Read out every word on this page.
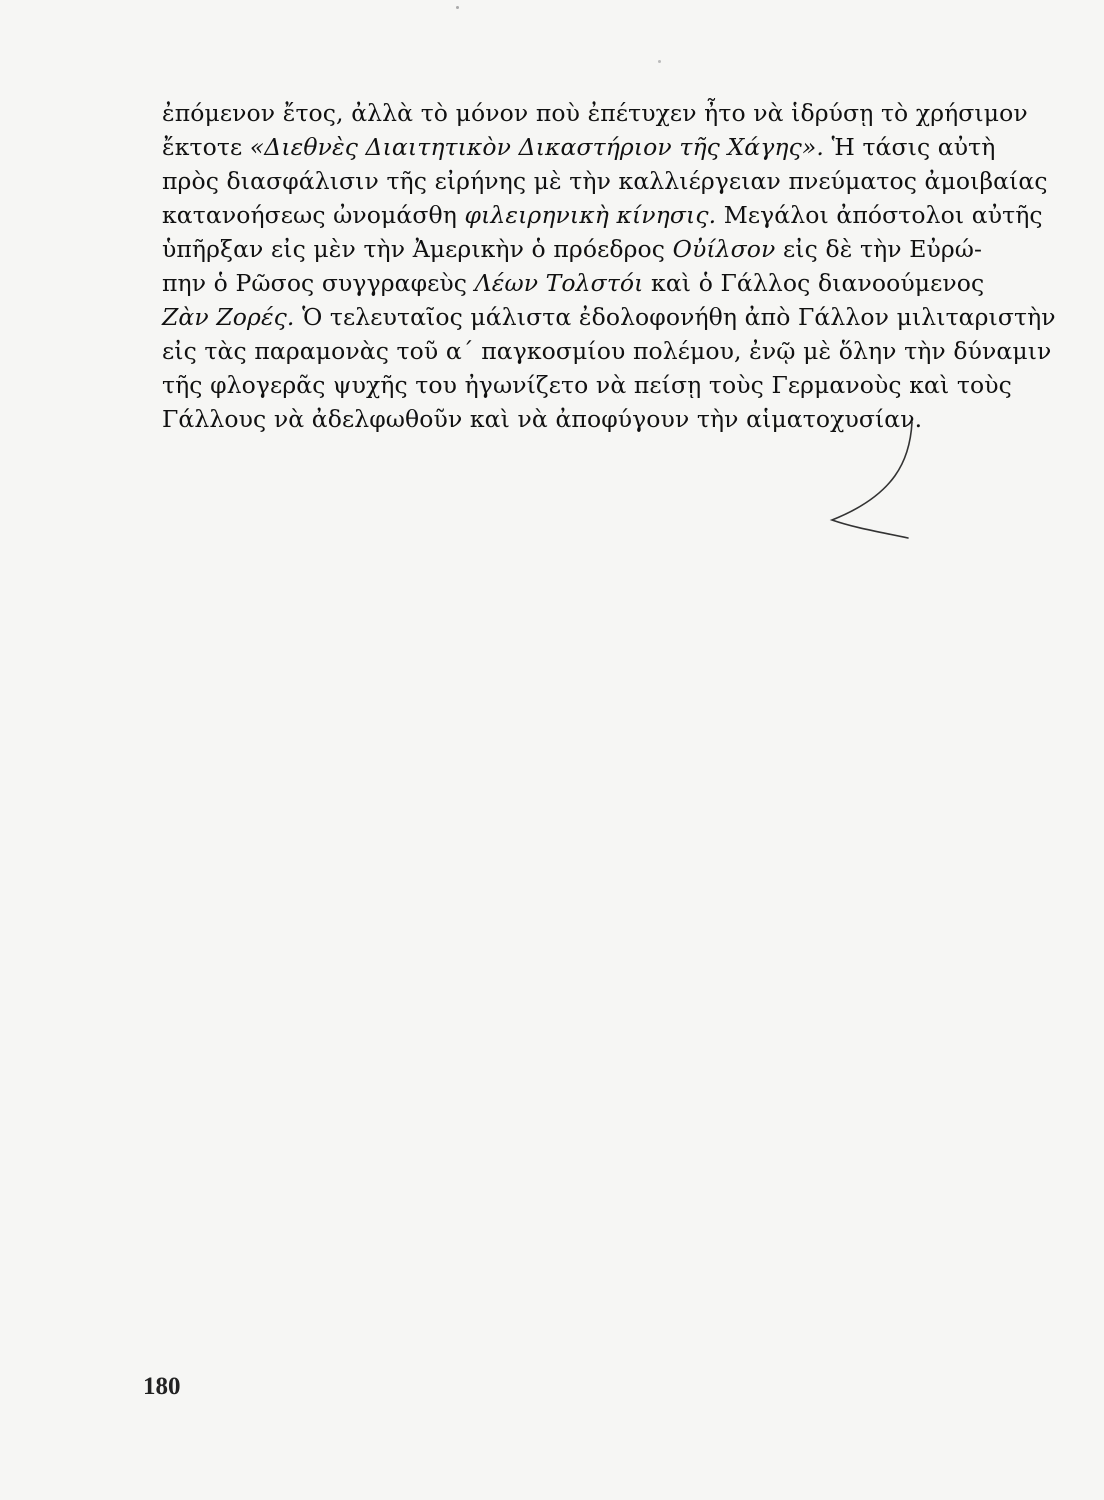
ἐπόμενον ἔτος, ἀλλὰ τὸ μόνον ποὺ ἐπέτυχεν ἦτο νὰ ἱδρύσῃ τὸ χρήσιμον
ἔκτοτε «Διεθνὲς Διαιτητικὸν Δικαστήριον τῆς Χάγης». Ἡ τάσις αὐτὴ
πρὸς διασφάλισιν τῆς εἰρήνης μὲ τὴν καλλιέργειαν πνεύματος ἀμοιβαίας
κατανοήσεως ὠνομάσθη φιλειρηνικὴ κίνησις. Μεγάλοι ἀπόστολοι αὐτῆς
ὑπῆρξαν εἰς μὲν τὴν Ἀμερικὴν ὁ πρόεδρος Οὐίλσον εἰς δὲ τὴν Εὐρώ-
πην ὁ Ρῶσος συγγραφεὺς Λέων Τολστόι καὶ ὁ Γάλλος διανοούμενος
Ζὰν Ζορές. Ὁ τελευταῖος μάλιστα ἐδολοφονήθη ἀπὸ Γάλλον μιλιταριστὴν
εἰς τὰς παραμονὰς τοῦ α΄ παγκοσμίου πολέμου, ἐνῷ μὲ ὅλην τὴν δύναμιν
τῆς φλογερᾶς ψυχῆς του ἠγωνίζετο νὰ πείσῃ τοὺς Γερμανοὺς καὶ τοὺς
Γάλλους νὰ ἀδελφωθοῦν καὶ νὰ ἀποφύγουν τὴν αἱματοχυσίαν.
180
